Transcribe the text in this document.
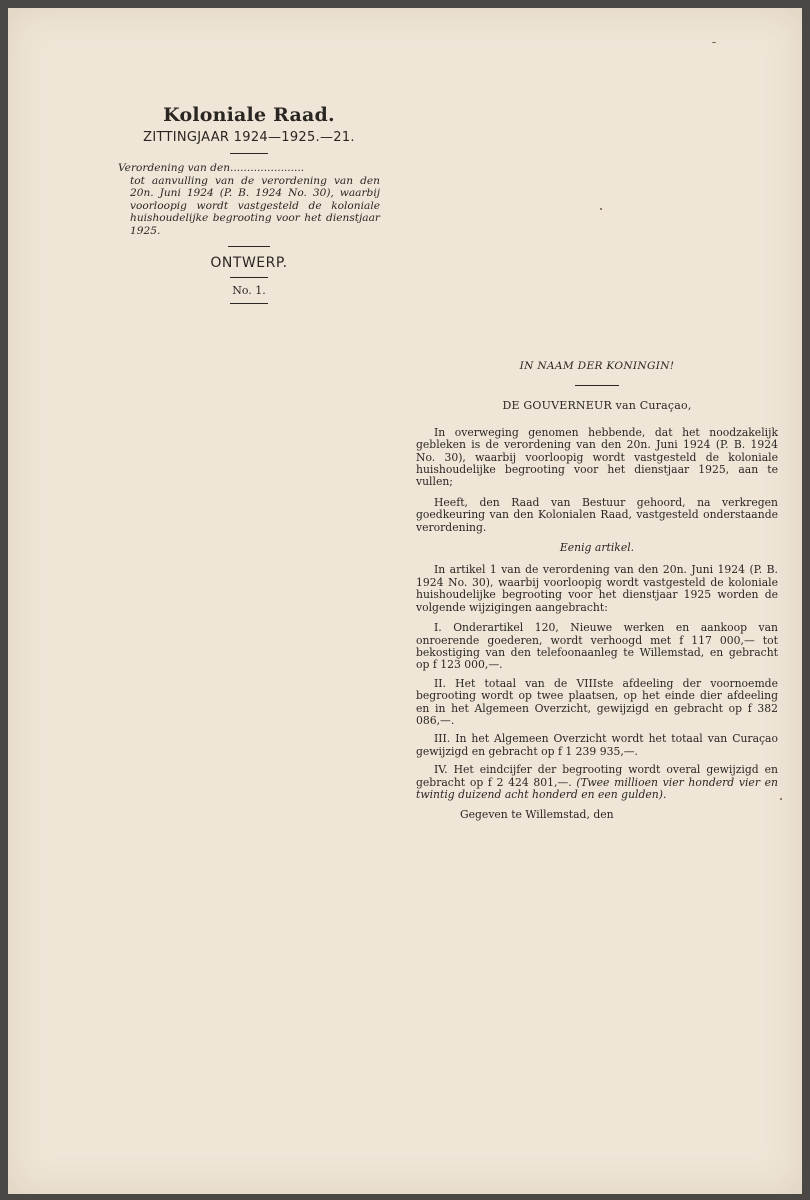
Koloniale Raad.
ZITTINGJAAR 1924—1925.—21.

Verordening van den......................
tot aanvulling van de verordening van den 20n. Juni 1924 (P. B. 1924 No. 30), waarbij voorloopig wordt vastgesteld de koloniale huishoudelijke begrooting voor het dienstjaar 1925.

ONTWERP.
No. 1.

IN NAAM DER KONINGIN!

DE GOUVERNEUR van Curaçao,

In overweging genomen hebbende, dat het noodzakelijk gebleken is de verordening van den 20n. Juni 1924 (P. B. 1924 No. 30), waarbij voorloopig wordt vastgesteld de koloniale huishoudelijke begrooting voor het dienstjaar 1925, aan te vullen;

Heeft, den Raad van Bestuur gehoord, na verkregen goedkeuring van den Kolonialen Raad, vastgesteld onderstaande verordening.

Eenig artikel.

In artikel 1 van de verordening van den 20n. Juni 1924 (P. B. 1924 No. 30), waarbij voorloopig wordt vastgesteld de koloniale huishoudelijke begrooting voor het dienstjaar 1925 worden de volgende wijzigingen aangebracht:

I. Onderartikel 120, Nieuwe werken en aankoop van onroerende goederen, wordt verhoogd met f 117 000,— tot bekostiging van den telefoonaanleg te Willemstad, en gebracht op f 123 000,—.

II. Het totaal van de VIIIste afdeeling der voornoemde begrooting wordt op twee plaatsen, op het einde dier afdeeling en in het Algemeen Overzicht, gewijzigd en gebracht op f 382 086,—.

III. In het Algemeen Overzicht wordt het totaal van Curaçao gewijzigd en gebracht op f 1 239 935,—.

IV. Het eindcijfer der begrooting wordt overal gewijzigd en gebracht op f 2 424 801,—. (Twee millioen vier honderd vier en twintig duizend acht honderd en een gulden).

Gegeven te Willemstad, den
